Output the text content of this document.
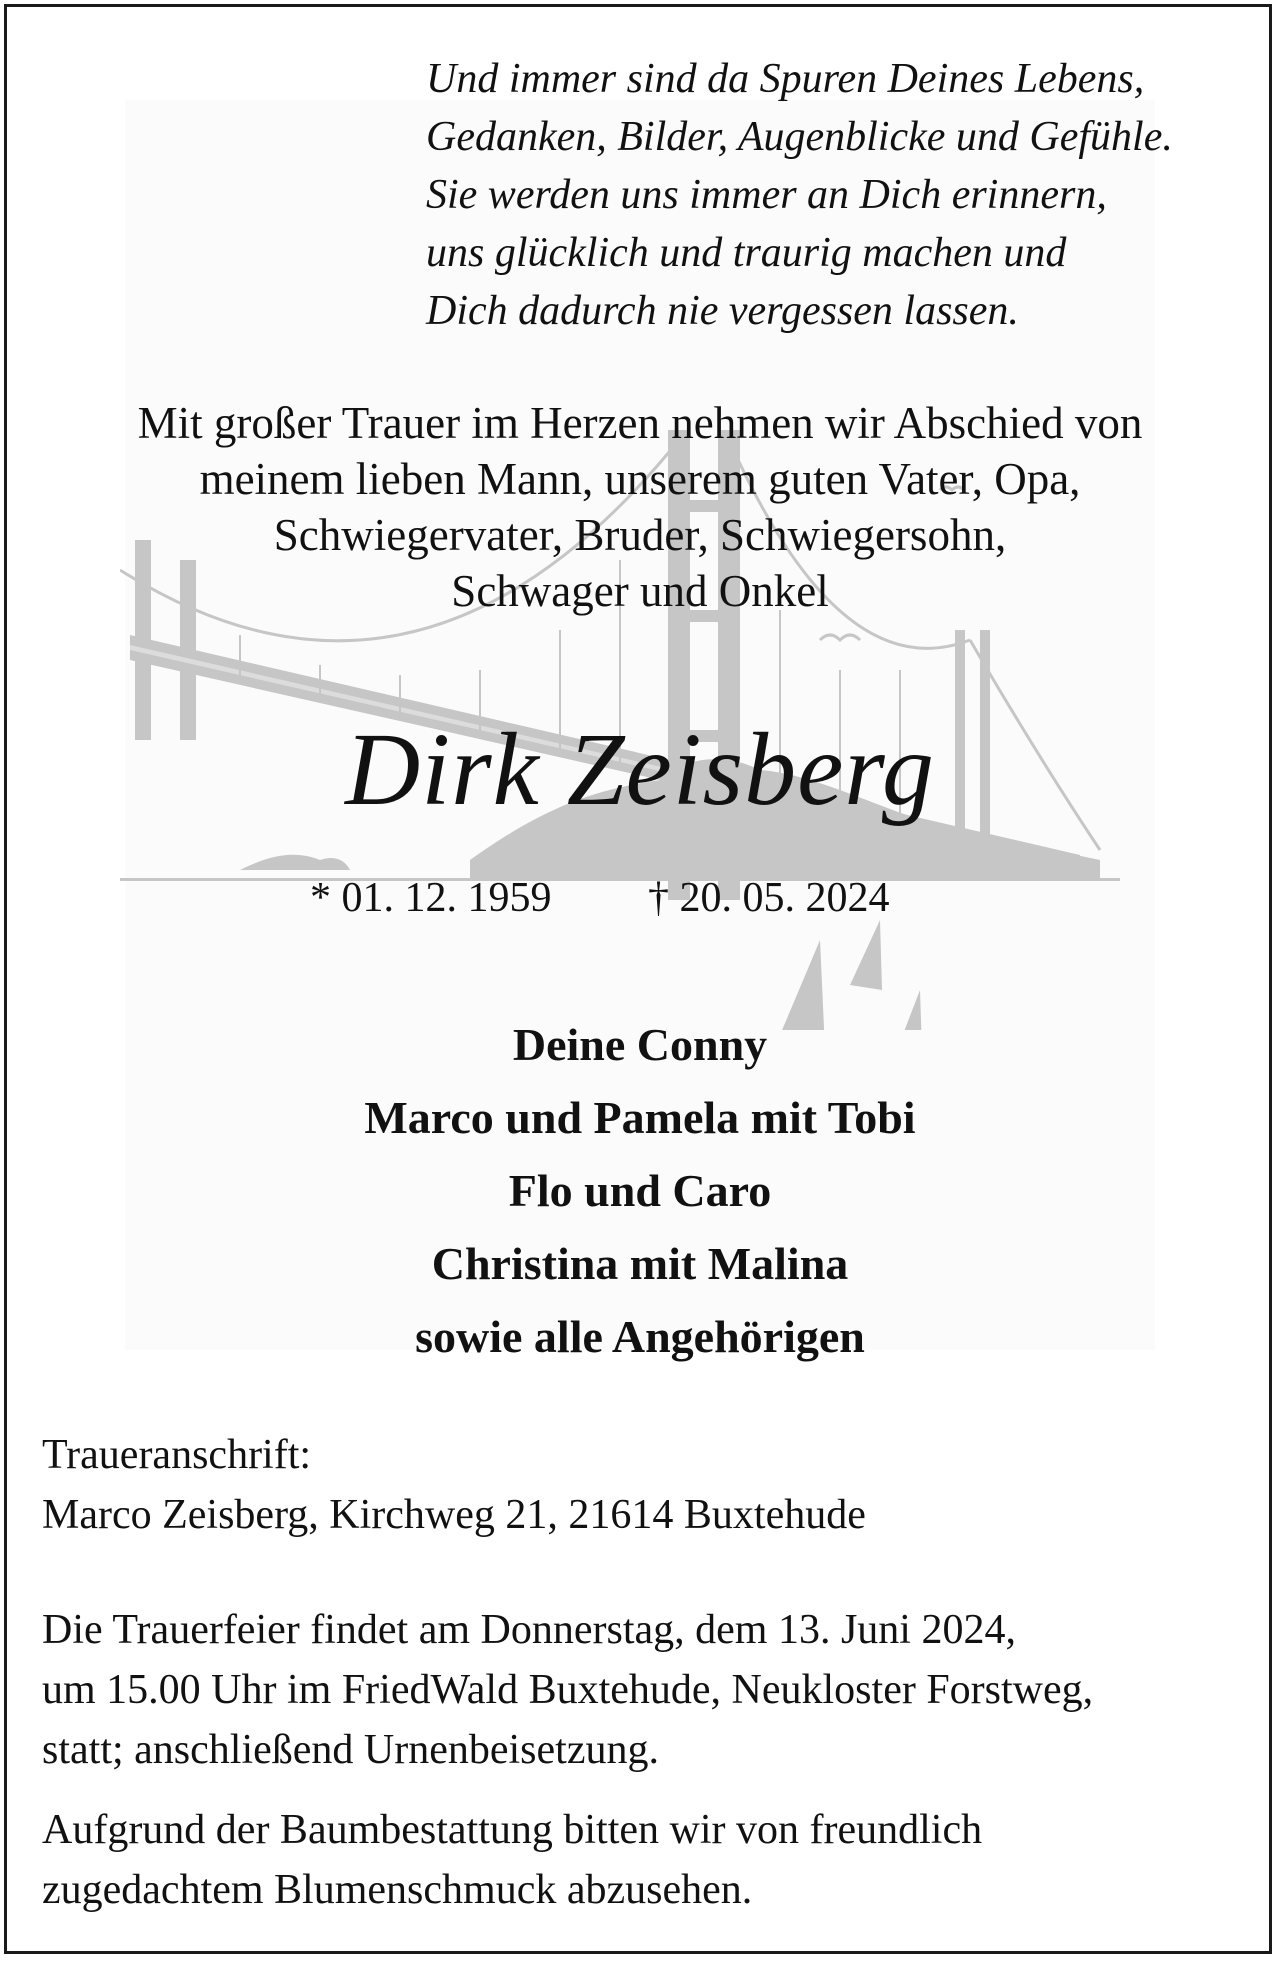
Und immer sind da Spuren Deines Lebens,
Gedanken, Bilder, Augenblicke und Gefühle.
Sie werden uns immer an Dich erinnern,
uns glücklich und traurig machen und
Dich dadurch nie vergessen lassen.
Mit großer Trauer im Herzen nehmen wir Abschied von
meinem lieben Mann, unserem guten Vater, Opa,
Schwiegervater, Bruder, Schwiegersohn,
Schwager und Onkel
Dirk Zeisberg
* 01. 12. 1959 † 20. 05. 2024
Deine Conny
Marco und Pamela mit Tobi
Flo und Caro
Christina mit Malina
sowie alle Angehörigen
Traueranschrift:
Marco Zeisberg, Kirchweg 21, 21614 Buxtehude
Die Trauerfeier findet am Donnerstag, dem 13. Juni 2024,
um 15.00 Uhr im FriedWald Buxtehude, Neukloster Forstweg,
statt; anschließend Urnenbeisetzung.
Aufgrund der Baumbestattung bitten wir von freundlich
zugedachtem Blumenschmuck abzusehen.
